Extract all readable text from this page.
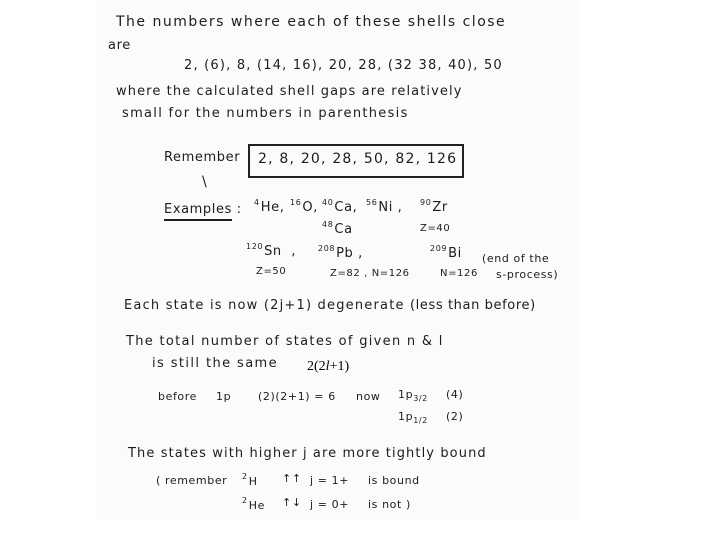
The numbers where each of these shells close
are
2, (6), 8, (14, 16), 20, 28, (32 38, 40), 50
where the calculated shell gaps are relatively
small for the numbers in parenthesis
Remember 2, 8, 20, 28, 50, 82, 126
\
Examples : $^4$He, $^{16}$O, $^{40}$Ca, $^{56}$Ni , $^{90}$Zr
$^{48}$Ca	Z=40
$^{120}$Sn  ,	$^{208}$Pb ,	$^{209}$Bi
Z=50	Z=82 , N=126	N=126
(end of the
s-process)
Each state is now (2j+1) degenerate (less than before)
The total number of states of given n & l
is still the same 2(2l+1)
before 1p (2)(2+1) = 6 now $1p_{3/2}$ (4)
$1p_{1/2}$ (2)
The states with higher j are more tightly bound
( remember $^2$H ↑↑ j = 1+ is bound
$^2$He ↑↓ j = 0+ is not )
